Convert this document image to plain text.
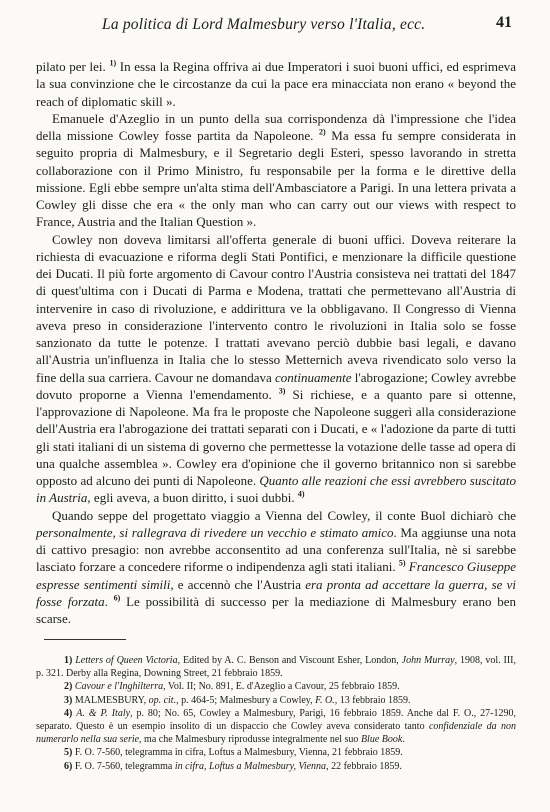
La politica di Lord Malmesbury verso l'Italia, ecc.	41

pilato per lei. $^{1)}$ In essa la Regina offriva ai due Imperatori i suoi buoni uffici, ed esprimeva la sua convinzione che le circostanze da cui la pace era minacciata non erano « beyond the reach of diplomatic skill ».

Emanuele d'Azeglio in un punto della sua corrispondenza dà l'impressione che l'idea della missione Cowley fosse partita da Napoleone. $^{2)}$ Ma essa fu sempre considerata in seguito propria di Malmesbury, e il Segretario degli Esteri, spesso lavorando in stretta collaborazione con il Primo Ministro, fu responsabile per la forma e le direttive della missione. Egli ebbe sempre un'alta stima dell'Ambasciatore a Parigi. In una lettera privata a Cowley gli disse che era « the only man who can carry out our views with respect to France, Austria and the Italian Question ».

Cowley non doveva limitarsi all'offerta generale di buoni uffici. Doveva reiterare la richiesta di evacuazione e riforma degli Stati Pontifici, e menzionare la difficile questione dei Ducati. Il più forte argomento di Cavour contro l'Austria consisteva nei trattati del 1847 di quest'ultima con i Ducati di Parma e Modena, trattati che permettevano all'Austria di intervenire in caso di rivoluzione, e addirittura ve la obbligavano. Il Congresso di Vienna aveva preso in considerazione l'intervento contro le rivoluzioni in Italia solo se fosse sanzionato da tutte le potenze. I trattati avevano perciò dubbie basi legali, e davano all'Austria un'influenza in Italia che lo stesso Metternich aveva rivendicato solo verso la fine della sua carriera. Cavour ne domandava continuamente l'abrogazione; Cowley avrebbe dovuto proporne a Vienna l'emendamento. $^{3)}$ Si richiese, e a quanto pare si ottenne, l'approvazione di Napoleone. Ma fra le proposte che Napoleone suggerì alla considerazione dell'Austria era l'abrogazione dei trattati separati con i Ducati, e « l'adozione da parte di tutti gli stati italiani di un sistema di governo che permettesse la votazione delle tasse ad opera di una qualche assemblea ». Cowley era d'opinione che il governo britannico non si sarebbe opposto ad alcuno dei punti di Napoleone. Quanto alle reazioni che essi avrebbero suscitato in Austria, egli aveva, a buon diritto, i suoi dubbi. $^{4)}$

Quando seppe del progettato viaggio a Vienna del Cowley, il conte Buol dichiarò che personalmente, si rallegrava di rivedere un vecchio e stimato amico. Ma aggiunse una nota di cattivo presagio: non avrebbe acconsentito ad una conferenza sull'Italia, nè si sarebbe lasciato forzare a concedere riforme o indipendenza agli stati italiani. $^{5)}$ Francesco Giuseppe espresse sentimenti simili, e accennò che l'Austria era pronta ad accettare la guerra, se vi fosse forzata. $^{6)}$ Le possibilità di successo per la mediazione di Malmesbury erano ben scarse.

1) Letters of Queen Victoria, Edited by A. C. Benson and Viscount Esher, London, John Murray, 1908, vol. III, p. 321. Derby alla Regina, Downing Street, 21 febbraio 1859.

2) Cavour e l'Inghilterra, Vol. II; No. 891, E. d'Azeglio a Cavour, 25 febbraio 1859.

3) MALMESBURY, op. cit., p. 464-5; Malmesbury a Cowley, F. O., 13 febbraio 1859.

4) A. & P. Italy, p. 80; No. 65, Cowley a Malmesbury, Parigi, 16 febbraio 1859. Anche dal F. O., 27-1290, separato. Questo è un esempio insolito di un dispaccio che Cowley aveva considerato tanto confidenziale da non numerarlo nella sua serie, ma che Malmesbury riprodusse integralmente nel suo Blue Book.

5) F. O. 7-560, telegramma in cifra, Loftus a Malmesbury, Vienna, 21 febbraio 1859.

6) F. O. 7-560, telegramma in cifra, Loftus a Malmesbury, Vienna, 22 febbraio 1859.
